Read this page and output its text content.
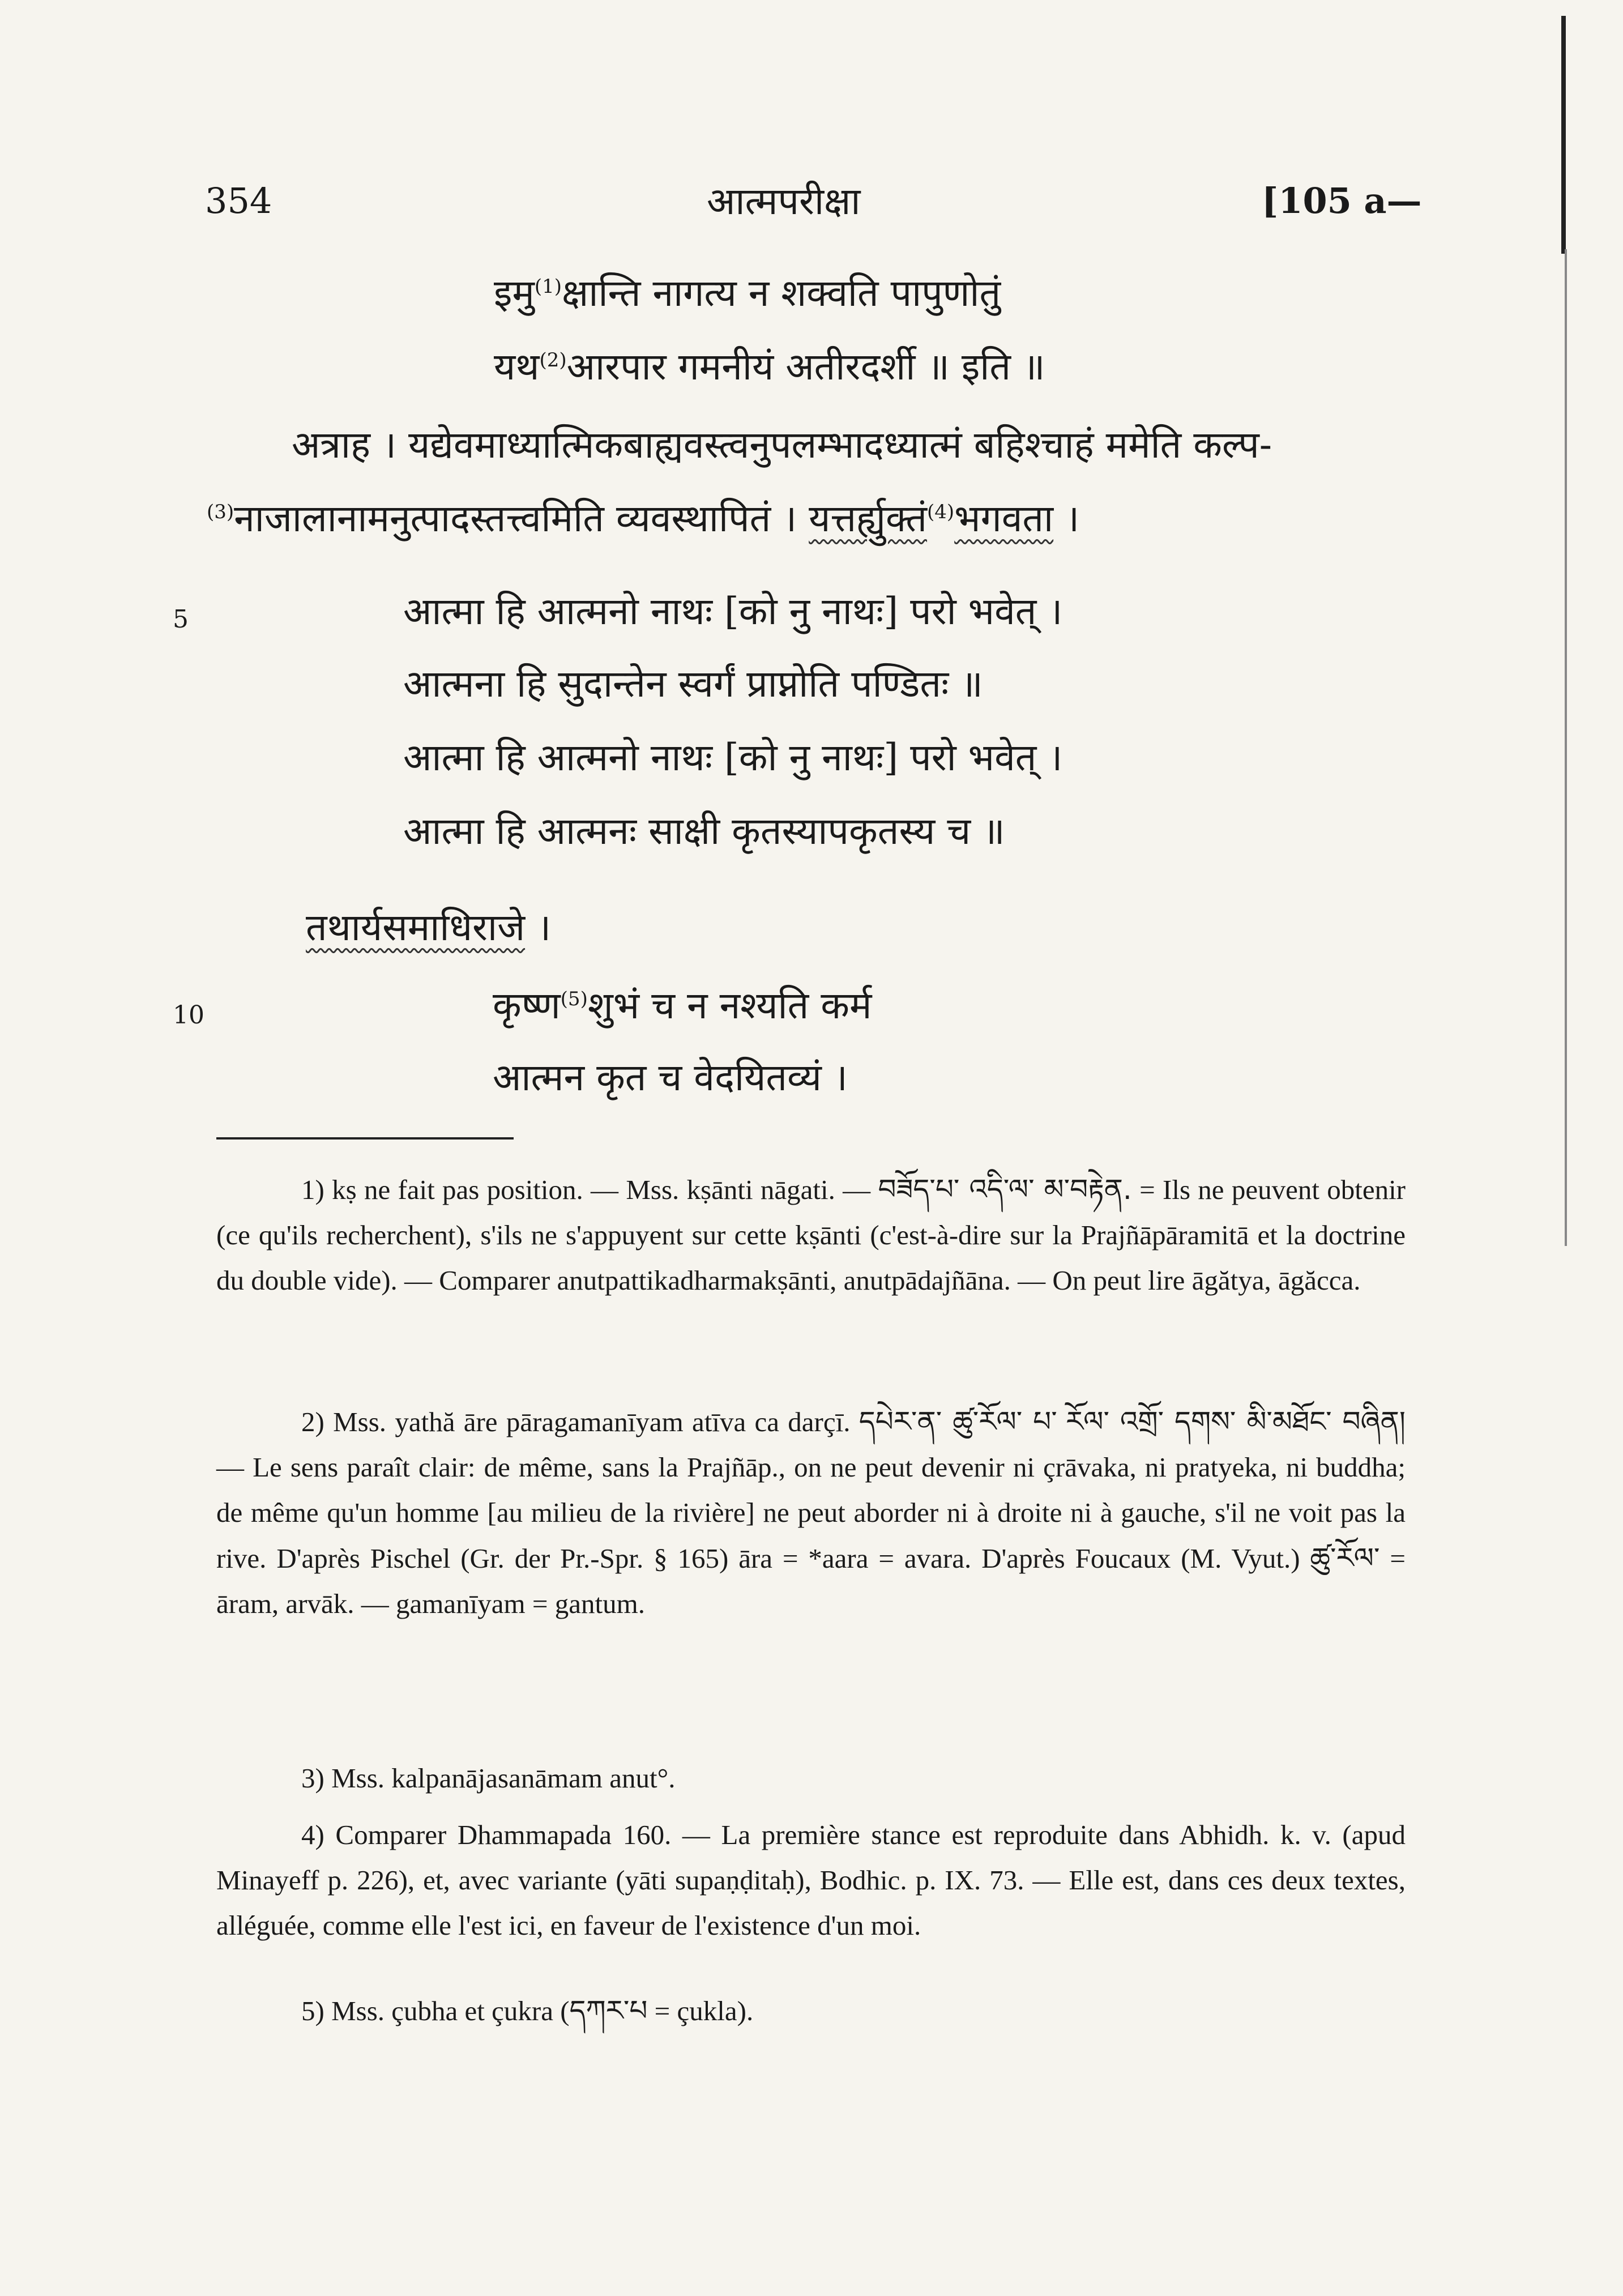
354	आत्मपरीक्षा	[105 a—
इमु$^{(1)}$क्षान्ति नागत्य न शक्वति पापुणोतुं
यथ$^{(2)}$आरपार गमनीयं अतीरदर्शी ॥ इति ॥
अत्राह । यद्येवमाध्यात्मिकबाह्यवस्त्वनुपलम्भादध्यात्मं बहिश्चाहं ममेति कल्प-
$^{(3)}$नाजालानामनुत्पादस्तत्त्वमिति व्यवस्थापितं । यत्तर्ह्युक्तं$^{(4)}$भगवता ।
5
10
आत्मा हि आत्मनो नाथः [को नु नाथः] परो भवेत् ।
आत्मना हि सुदान्तेन स्वर्गं प्राप्नोति पण्डितः ॥
आत्मा हि आत्मनो नाथः [को नु नाथः] परो भवेत् ।
आत्मा हि आत्मनः साक्षी कृतस्यापकृतस्य च ॥
तथार्यसमाधिराजे ।
कृष्ण$^{(5)}$शुभं च न नश्यति कर्म
आत्मन कृत च वेदयितव्यं ।
1) kṣ ne fait pas position. — Mss. kṣānti nāgati. — བཟོད་པ་ འདི་ལ་ མ་བརྟེན. = Ils ne peuvent obtenir (ce qu'ils recherchent), s'ils ne s'appuyent sur cette kṣānti (c'est-à-dire sur la Prajñāpāramitā et la doctrine du double vide). — Comparer anutpattikadharmakṣānti, anutpādajñāna. — On peut lire āgătya, āgăcca.
2) Mss. yathă āre pāragamanīyam atīva ca darçī. དཔེར་ན་ ཚུ་རོལ་ པ་ རོལ་ འགྲོ་ དགས་ མི་མཐོང་ བཞིན། — Le sens paraît clair: de même, sans la Prajñāp., on ne peut devenir ni çrāvaka, ni pratyeka, ni buddha; de même qu'un homme [au milieu de la rivière] ne peut aborder ni à droite ni à gauche, s'il ne voit pas la rive. D'après Pischel (Gr. der Pr.-Spr. § 165) āra = *aara = avara. D'après Foucaux (M. Vyut.) ཚུ་རོལ་ = āram, arvāk. — gamanīyam = gantum.
3) Mss. kalpanājasanāmam anut°.
4) Comparer Dhammapada 160. — La première stance est reproduite dans Abhidh. k. v. (apud Minayeff p. 226), et, avec variante (yāti supaṇḍitaḥ), Bodhic. p. IX. 73. — Elle est, dans ces deux textes, alléguée, comme elle l'est ici, en faveur de l'existence d'un moi.
5) Mss. çubha et çukra (དཀར་པ = çukla).
